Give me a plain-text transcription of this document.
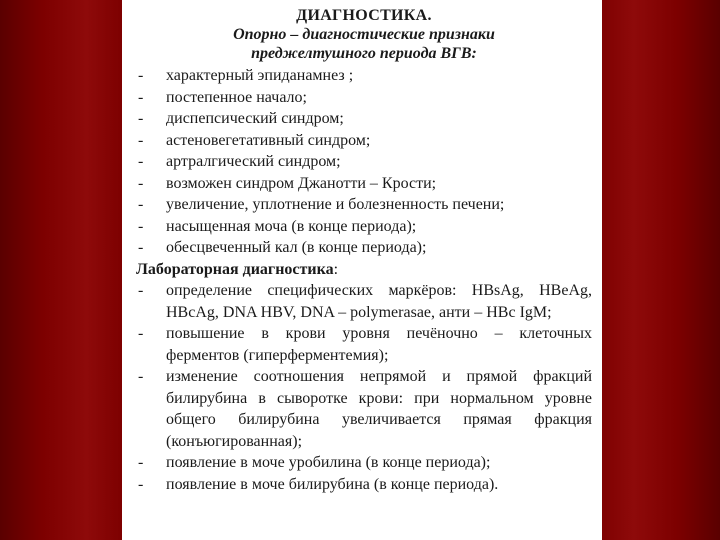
ДИАГНОСТИКА.
Опорно – диагностические признаки
преджелтушного периода ВГВ:
- характерный эпиданамнез ;
- постепенное начало;
- диспепсический синдром;
- астеновегетативный синдром;
- артралгический синдром;
- возможен синдром Джанотти – Крости;
- увеличение, уплотнение и болезненность печени;
- насыщенная моча (в конце периода);
- обесцвеченный кал (в конце периода);
Лабораторная диагностика:
- определение специфических маркёров: HBsAg, HBeAg, HBcAg, DNA HBV, DNA – polymerasae, анти – HBc IgM;
- повышение в крови уровня печёночно – клеточных ферментов (гиперферментемия);
- изменение соотношения непрямой и прямой фракций билирубина в сыворотке крови: при нормальном уровне общего билирубина увеличивается прямая фракция (конъюгированная);
- появление в моче уробилина (в конце периода);
- появление в моче билирубина (в конце периода).
